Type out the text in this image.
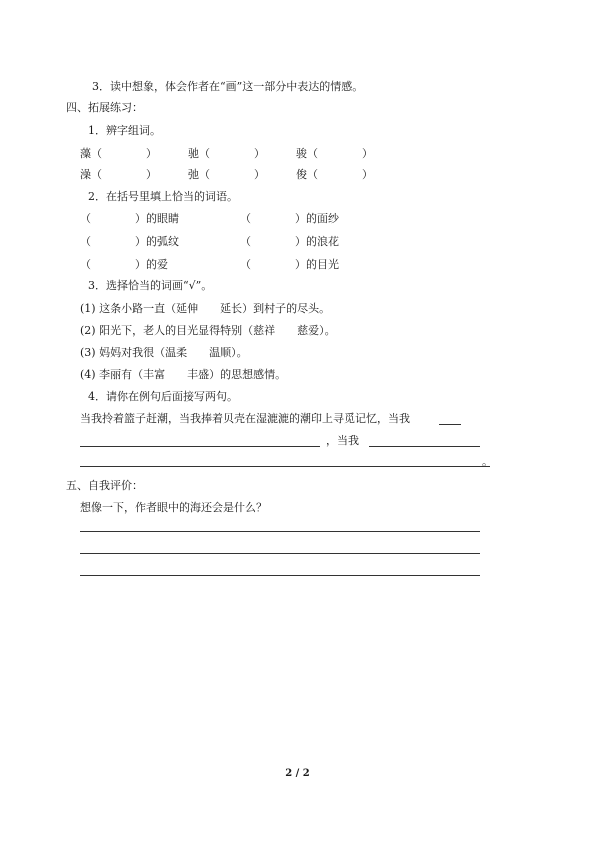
3．读中想象，体会作者在“画”这一部分中表达的情感。
四、拓展练习：
1．辨字组词。
藻（　　　　）	驰（　　　　）	骏（　　　　）
澡（　　　　）	弛（　　　　）	俊（　　　　）
2．在括号里填上恰当的词语。
（　　　　）的眼睛	（　　　　）的面纱
（　　　　）的弧纹	（　　　　）的浪花
（　　　　）的爱	（　　　　）的目光
3．选择恰当的词画“√”。
(1) 这条小路一直（延伸　　延长）到村子的尽头。
(2) 阳光下，老人的目光显得特别（慈祥　　慈爱）。
(3) 妈妈对我很（温柔　　温顺）。
(4) 李丽有（丰富　　丰盛）的思想感情。
4．请你在例句后面接写两句。
当我拎着篮子赶潮，当我捧着贝壳在湿漉漉的潮印上寻觅记忆，当我
，当我
。
五、自我评价：
想像一下，作者眼中的海还会是什么？
2 / 2
